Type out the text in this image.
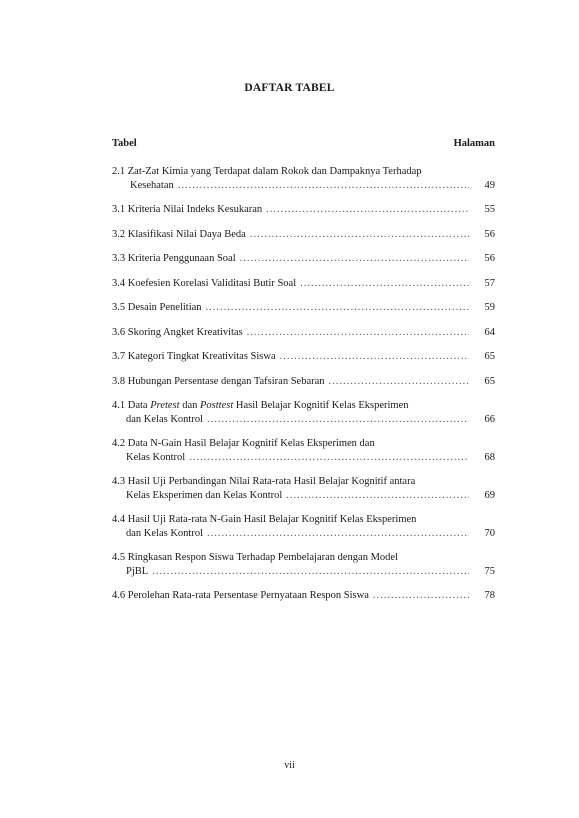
DAFTAR TABEL
Tabel	Halaman
2.1 Zat-Zat Kimia yang Terdapat dalam Rokok dan Dampaknya Terhadap
Kesehatan .....	49
3.1 Kriteria Nilai Indeks Kesukaran .....	55
3.2 Klasifikasi Nilai Daya Beda .....	56
3.3 Kriteria Penggunaan Soal .....	56
3.4 Koefesien Korelasi Validitasi Butir Soal .....	57
3.5 Desain Penelitian .....	59
3.6 Skoring Angket Kreativitas .....	64
3.7 Kategori Tingkat Kreativitas Siswa .....	65
3.8 Hubungan Persentase dengan Tafsiran Sebaran .....	65
4.1 Data Pretest dan Posttest Hasil Belajar Kognitif Kelas Eksperimen
dan Kelas Kontrol .....	66
4.2 Data N-Gain Hasil Belajar Kognitif Kelas Eksperimen dan
Kelas Kontrol .....	68
4.3 Hasil Uji Perbandingan Nilai Rata-rata Hasil Belajar Kognitif antara
Kelas Eksperimen dan Kelas Kontrol .....	69
4.4 Hasil Uji Rata-rata N-Gain Hasil Belajar Kognitif Kelas Eksperimen
dan Kelas Kontrol .....	70
4.5 Ringkasan Respon Siswa Terhadap Pembelajaran dengan Model
PjBL .....	75
4.6 Perolehan Rata-rata Persentase Pernyataan Respon Siswa .....	78
vii
